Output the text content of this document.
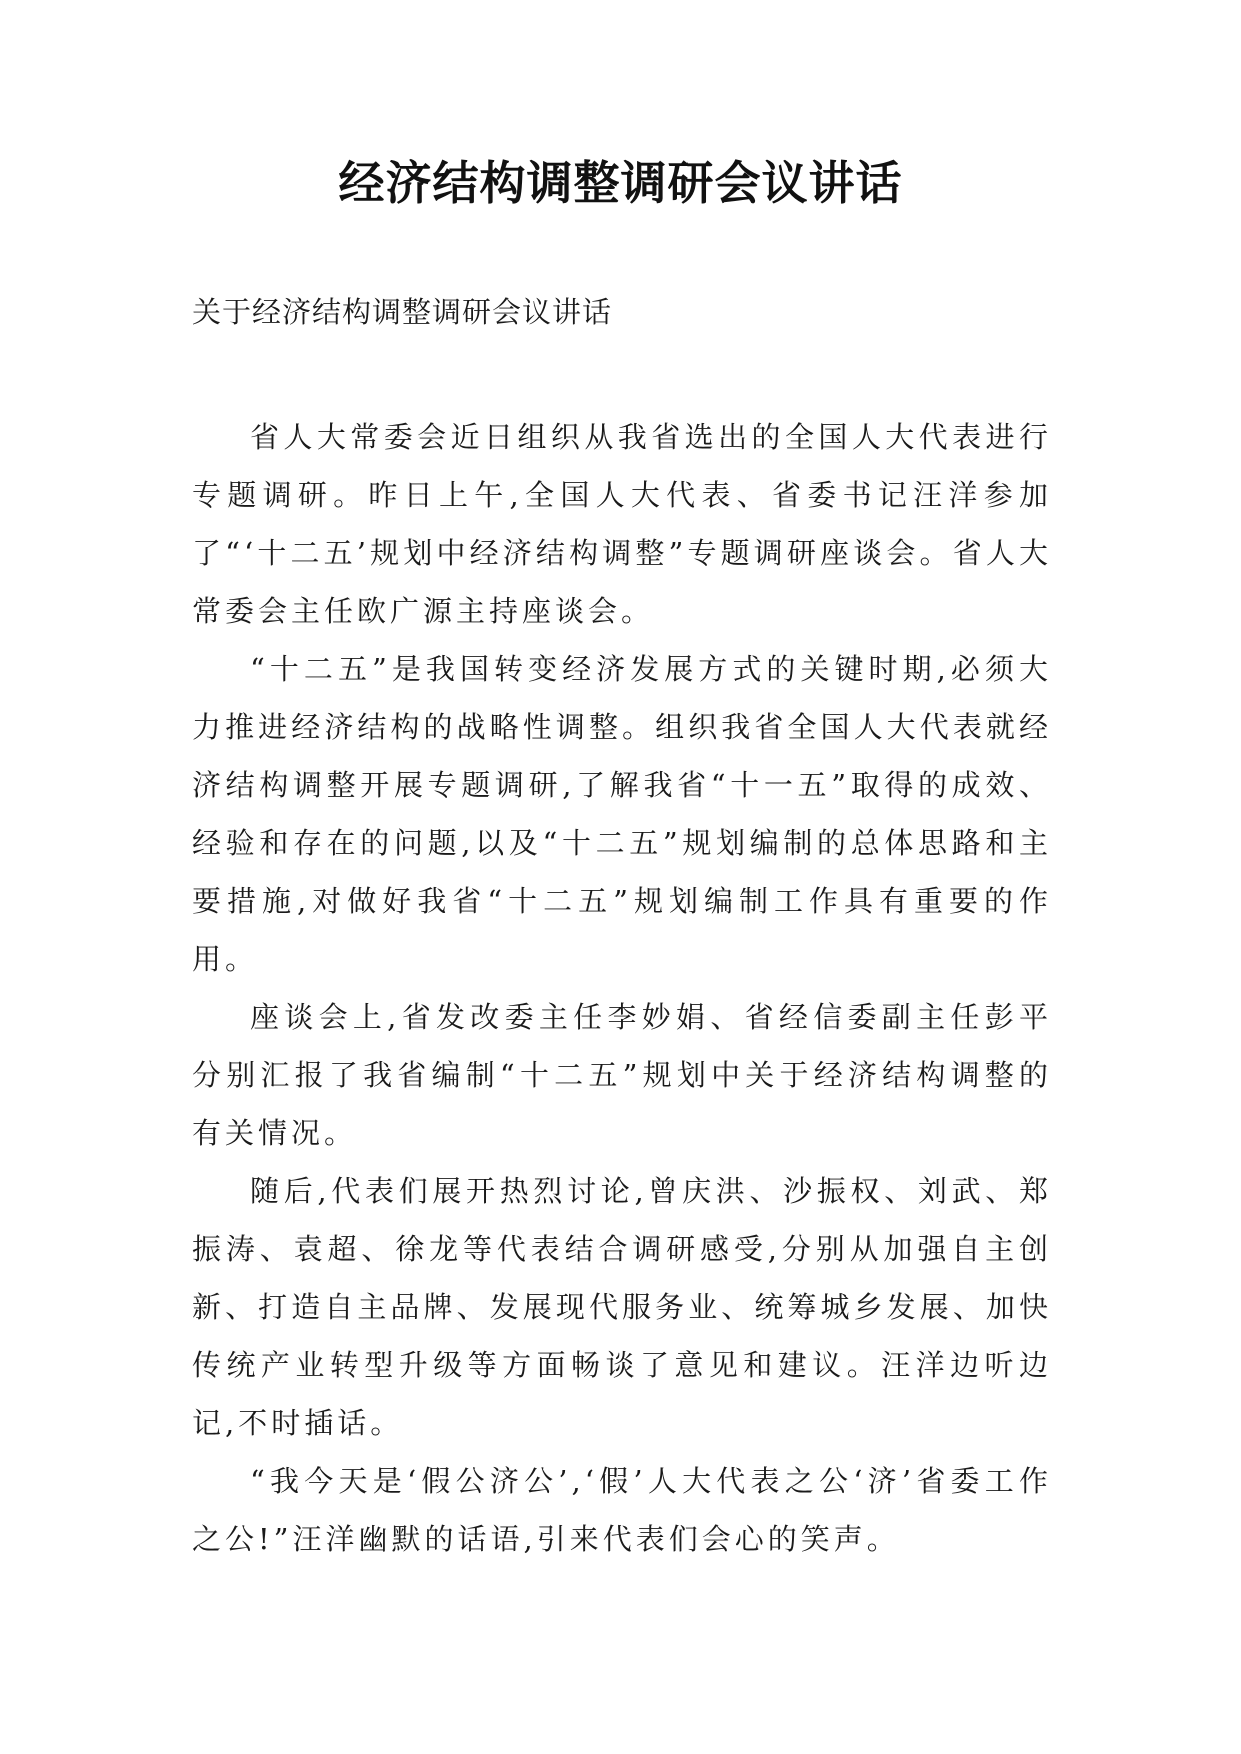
经济结构调整调研会议讲话
关于经济结构调整调研会议讲话

省人大常委会近日组织从我省选出的全国人大代表进行专题调研。昨日上午,全国人大代表、省委书记汪洋参加了“‘十二五’规划中经济结构调整”专题调研座谈会。省人大常委会主任欧广源主持座谈会。

“十二五”是我国转变经济发展方式的关键时期,必须大力推进经济结构的战略性调整。组织我省全国人大代表就经济结构调整开展专题调研,了解我省“十一五”取得的成效、经验和存在的问题,以及“十二五”规划编制的总体思路和主要措施,对做好我省“十二五”规划编制工作具有重要的作用。

座谈会上,省发改委主任李妙娟、省经信委副主任彭平分别汇报了我省编制“十二五”规划中关于经济结构调整的有关情况。

随后,代表们展开热烈讨论,曾庆洪、沙振权、刘武、郑振涛、袁超、徐龙等代表结合调研感受,分别从加强自主创新、打造自主品牌、发展现代服务业、统筹城乡发展、加快传统产业转型升级等方面畅谈了意见和建议。汪洋边听边记,不时插话。

“我今天是‘假公济公’,‘假’人大代表之公‘济’省委工作之公!”汪洋幽默的话语,引来代表们会心的笑声。
